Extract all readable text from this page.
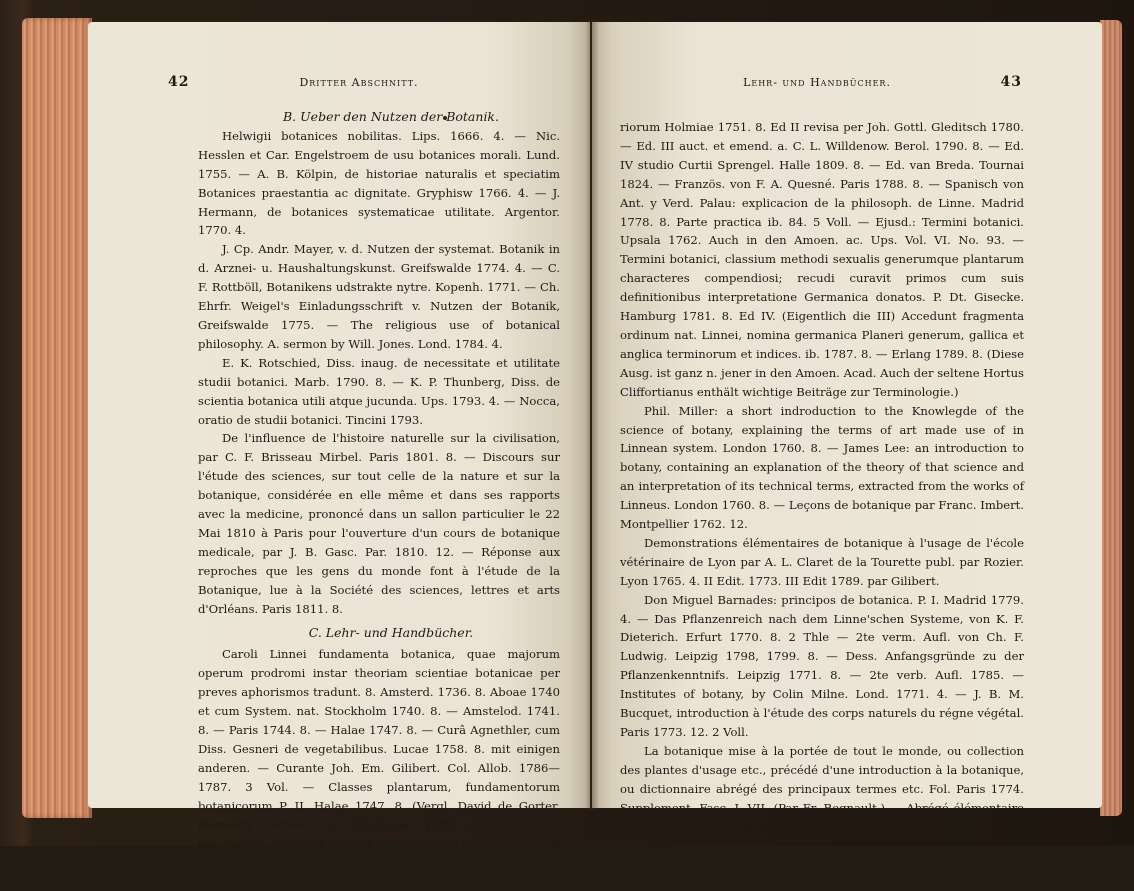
42	Dritter Abschnitt.

B. Ueber den Nutzen der Botanik.

Helwigii botanices nobilitas. Lips. 1666. 4. — Nic. Hesslen et Car. Engelstroem de usu botanices morali. Lund. 1755. — A. B. Kölpin, de historiae naturalis et speciatim Botanices praestantia ac dignitate. Gryphisw 1766. 4. — J. Hermann, de botanices systematicae utilitate. Argentor. 1770. 4.

J. Cp. Andr. Mayer, v. d. Nutzen der systemat. Botanik in d. Arznei- u. Haushaltungskunst. Greifswalde 1774. 4. — C. F. Rottböll, Botanikens udstrakte nytre. Kopenh. 1771. — Ch. Ehrfr. Weigel's Einladungsschrift v. Nutzen der Botanik, Greifswalde 1775. — The religious use of botanical philosophy. A. sermon by Will. Jones. Lond. 1784. 4.

E. K. Rotschied, Diss. inaug. de necessitate et utilitate studii botanici. Marb. 1790. 8. — K. P. Thunberg, Diss. de scientia botanica utili atque jucunda. Ups. 1793. 4. — Nocca, oratio de studii botanici. Tincini 1793.

De l'influence de l'histoire naturelle sur la civilisation, par C. F. Brisseau Mirbel. Paris 1801. 8. — Discours sur l'étude des sciences, sur tout celle de la nature et sur la botanique, considérée en elle même et dans ses rapports avec la medicine, prononcé dans un sallon particulier le 22 Mai 1810 à Paris pour l'ouverture d'un cours de botanique medicale, par J. B. Gasc. Par. 1810. 12. — Réponse aux reproches que les gens du monde font à l'étude de la Botanique, lue à la Société des sciences, lettres et arts d'Orléans. Paris 1811. 8.

C. Lehr- und Handbücher.

Caroli Linnei fundamenta botanica, quae majorum operum prodromi instar theoriam scientiae botanicae per preves aphorismos tradunt. 8. Amsterd. 1736. 8. Aboae 1740 et cum System. nat. Stockholm 1740. 8. — Amstelod. 1741. 8. — Paris 1744. 8. — Halae 1747. 8. — Curâ Agnethler, cum Diss. Gesneri de vegetabilibus. Lucae 1758. 8. mit einigen anderen. — Curante Joh. Em. Gilibert. Col. Allob. 1786—1787. 3 Vol. — Classes plantarum, fundamentorum botanicorum P. II. Halae 1747. 8. (Vergl. David de Gorter, elementa botanica 4. Harderov. 1749. 4. —) Ejusd. philosophia botanica in qua explicantur Fundamenta cum definitionibus partium, exemplis terminorum, observationibus ra-

Lehr- und Handbücher.	43

riorum Holmiae 1751. 8. Ed II revisa per Joh. Gottl. Gleditsch 1780. — Ed. III auct. et emend. a. C. L. Willdenow. Berol. 1790. 8. — Ed. IV studio Curtii Sprengel. Halle 1809. 8. — Ed. van Breda. Tournai 1824. — Französ. von F. A. Quesné. Paris 1788. 8. — Spanisch von Ant. y Verd. Palau: explicacion de la philosoph. de Linne. Madrid 1778. 8. Parte practica ib. 84. 5 Voll. — Ejusd.: Termini botanici. Upsala 1762. Auch in den Amoen. ac. Ups. Vol. VI. No. 93. — Termini botanici, classium methodi sexualis generumque plantarum characteres compendiosi; recudi curavit primos cum suis definitionibus interpretatione Germanica donatos. P. Dt. Gisecke. Hamburg 1781. 8. Ed IV. (Eigentlich die III) Accedunt fragmenta ordinum nat. Linnei, nomina germanica Planeri generum, gallica et anglica terminorum et indices. ib. 1787. 8. — Erlang 1789. 8. (Diese Ausg. ist ganz n. jener in den Amoen. Acad. Auch der seltene Hortus Cliffortianus enthält wichtige Beiträge zur Terminologie.)

Phil. Miller: a short indroduction to the Knowlegde of the science of botany, explaining the terms of art made use of in Linnean system. London 1760. 8. — James Lee: an introduction to botany, containing an explanation of the theory of that science and an interpretation of its technical terms, extracted from the works of Linneus. London 1760. 8. — Leçons de botanique par Franc. Imbert. Montpellier 1762. 12.

Demonstrations élémentaires de botanique à l'usage de l'école vétérinaire de Lyon par A. L. Claret de la Tourette publ. par Rozier. Lyon 1765. 4. II Edit. 1773. III Edit 1789. par Gilibert.

Don Miguel Barnades: principos de botanica. P. I. Madrid 1779. 4. — Das Pflanzenreich nach dem Linne'schen Systeme, von K. F. Dieterich. Erfurt 1770. 8. 2 Thle — 2te verm. Aufl. von Ch. F. Ludwig. Leipzig 1798, 1799. 8. — Dess. Anfangsgründe zu der Pflanzenkenntnifs. Leipzig 1771. 8. — 2te verb. Aufl. 1785. — Institutes of botany, by Colin Milne. Lond. 1771. 4. — J. B. M. Bucquet, introduction à l'étude des corps naturels du régne végétal. Paris 1773. 12. 2 Voll.

La botanique mise à la portée de tout le monde, ou collection des plantes d'usage etc., précédé d'une introduction à la botanique, ou dictionnaire abrégé des principaux termes etc. Fol. Paris 1774. Supplement. Fasc. I. VII. (Par Fr. Regnault.) — Abrégé élémentaire de botanique à l'usage de l'école de Lille par
